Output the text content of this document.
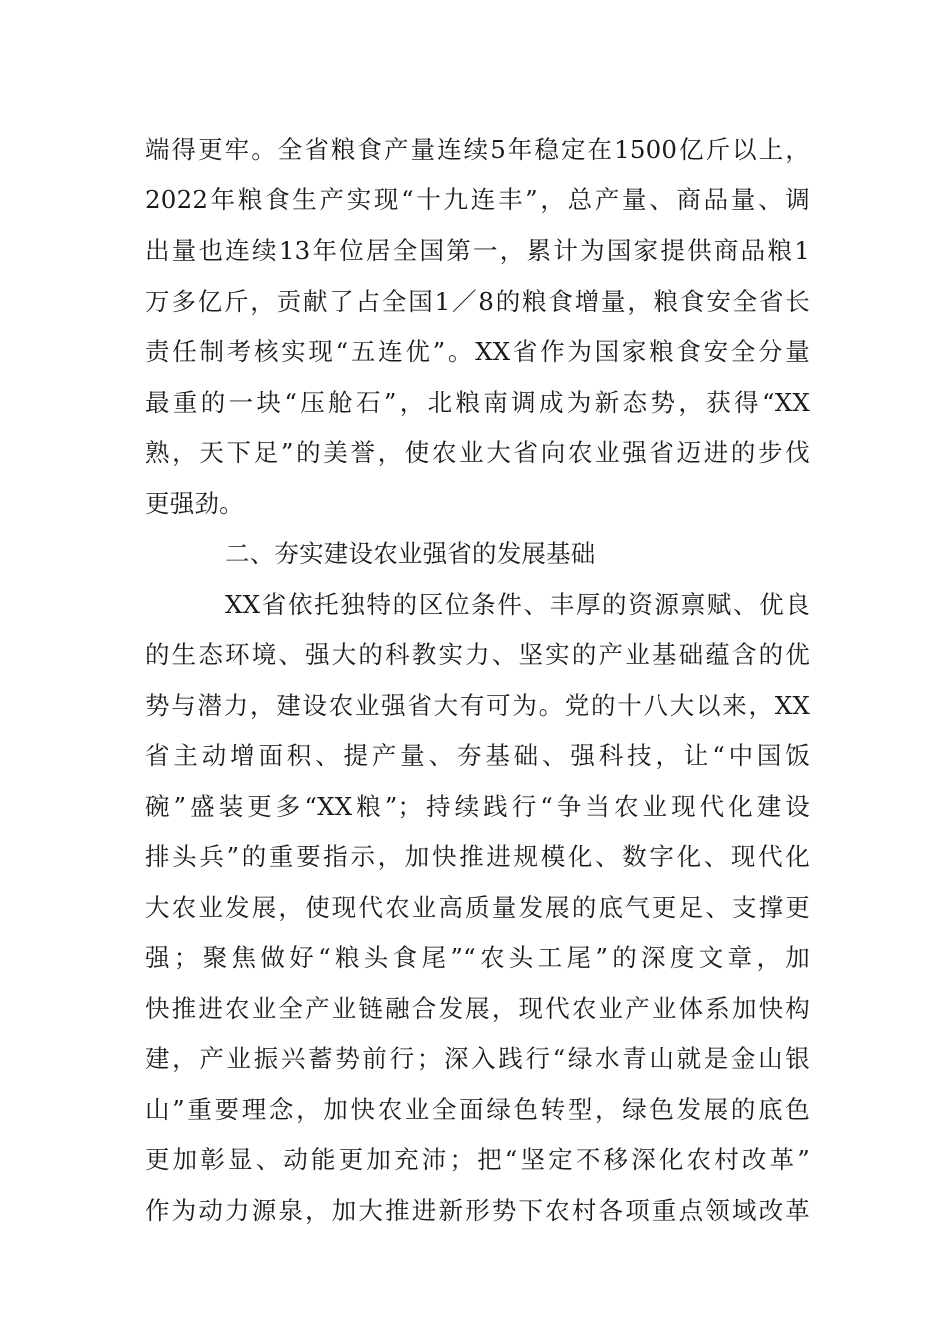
端得更牢。全省粮食产量连续5年稳定在1500亿斤以上，
2022年粮食生产实现“十九连丰”，总产量、商品量、调
出量也连续13年位居全国第一，累计为国家提供商品粮1
万多亿斤，贡献了占全国1／8的粮食增量，粮食安全省长
责任制考核实现“五连优”。XX省作为国家粮食安全分量
最重的一块“压舱石”，北粮南调成为新态势，获得“XX
熟，天下足”的美誉，使农业大省向农业强省迈进的步伐
更强劲。
二、夯实建设农业强省的发展基础
XX省依托独特的区位条件、丰厚的资源禀赋、优良
的生态环境、强大的科教实力、坚实的产业基础蕴含的优
势与潜力，建设农业强省大有可为。党的十八大以来，XX
省主动增面积、提产量、夯基础、强科技，让“中国饭
碗”盛装更多“XX粮”；持续践行“争当农业现代化建设
排头兵”的重要指示，加快推进规模化、数字化、现代化
大农业发展，使现代农业高质量发展的底气更足、支撑更
强；聚焦做好“粮头食尾”“农头工尾”的深度文章，加
快推进农业全产业链融合发展，现代农业产业体系加快构
建，产业振兴蓄势前行；深入践行“绿水青山就是金山银
山”重要理念，加快农业全面绿色转型，绿色发展的底色
更加彰显、动能更加充沛；把“坚定不移深化农村改革”
作为动力源泉，加大推进新形势下农村各项重点领域改革
